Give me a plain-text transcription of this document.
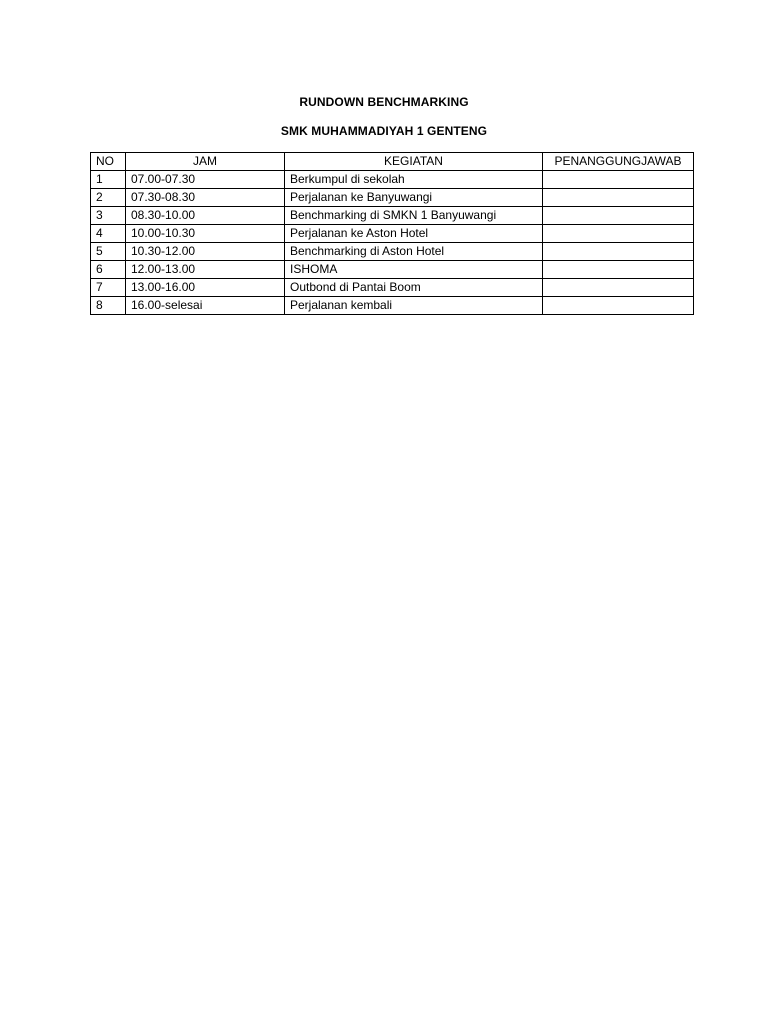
RUNDOWN BENCHMARKING
SMK MUHAMMADIYAH 1 GENTENG
NO	JAM	KEGIATAN	PENANGGUNGJAWAB
1	07.00-07.30	Berkumpul di sekolah	
2	07.30-08.30	Perjalanan ke Banyuwangi	
3	08.30-10.00	Benchmarking di SMKN 1 Banyuwangi	
4	10.00-10.30	Perjalanan ke Aston Hotel	
5	10.30-12.00	Benchmarking di Aston Hotel	
6	12.00-13.00	ISHOMA	
7	13.00-16.00	Outbond di Pantai Boom	
8	16.00-selesai	Perjalanan kembali	
